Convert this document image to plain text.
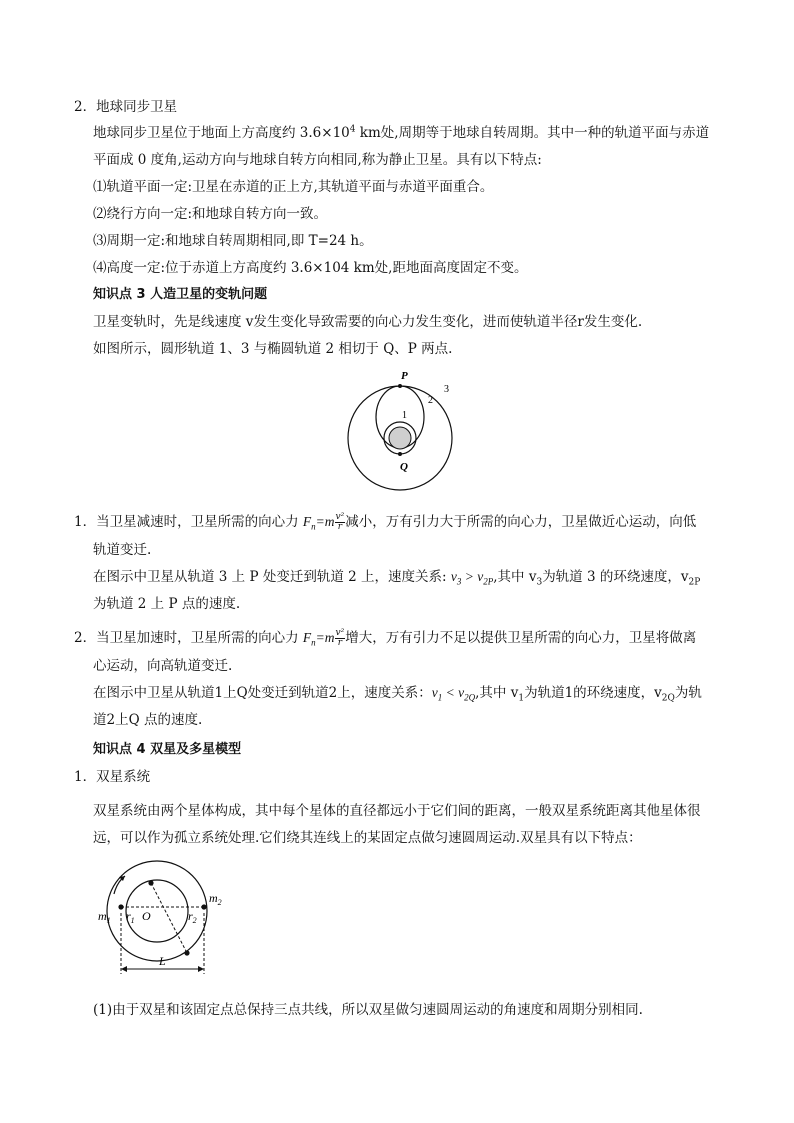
2．地球同步卫星
地球同步卫星位于地面上方高度约 $3.6\times 10^4$ km处,周期等于地球自转周期。其中一种的轨道平面与赤道
平面成 0 度角,运动方向与地球自转方向相同,称为静止卫星。具有以下特点:
⑴轨道平面一定:卫星在赤道的正上方,其轨道平面与赤道平面重合。
⑵绕行方向一定:和地球自转方向一致。
⑶周期一定:和地球自转周期相同,即 T=24 h。
⑷高度一定:位于赤道上方高度约 3.6×104 km处,距地面高度固定不变。
知识点 3 人造卫星的变轨问题
卫星变轨时，先是线速度 v发生变化导致需要的向心力发生变化，进而使轨道半径r发生变化.
如图所示，圆形轨道 1、3 与椭圆轨道 2 相切于 Q、P 两点.
P
Q
1
2
3
1．当卫星减速时，卫星所需的向心力 $F_n=m \frac{\text{v²}}{r}$ 减小，万有引力大于所需的向心力，卫星做近心运动，向低
轨道变迁.
在图示中卫星从轨道 3 上 P 处变迁到轨道 2 上，速度关系: $v_3 > v_{2P}$,其中 $v_3$为轨道 3 的环绕速度，$v_{2P}$
为轨道 2 上 P 点的速度.
2．当卫星加速时，卫星所需的向心力 $F_n=m \frac{\text{v²}}{r}$ 增大，万有引力不足以提供卫星所需的向心力，卫星将做离
心运动，向高轨道变迁.
在图示中卫星从轨道1上Q处变迁到轨道2上，速度关系：$v_1 < v_{2Q}$,其中 $v_1$为轨道1的环绕速度，$v_{2Q}$为轨
道2上Q 点的速度.
知识点 4 双星及多星模型
1．双星系统
双星系统由两个星体构成，其中每个星体的直径都远小于它们间的距离，一般双星系统距离其他星体很
远，可以作为孤立系统处理.它们绕其连线上的某固定点做匀速圆周运动.双星具有以下特点：
$m_1$
$m_2$
$r_1$ O	$r_2$
L
(1)由于双星和该固定点总保持三点共线，所以双星做匀速圆周运动的角速度和周期分别相同.
